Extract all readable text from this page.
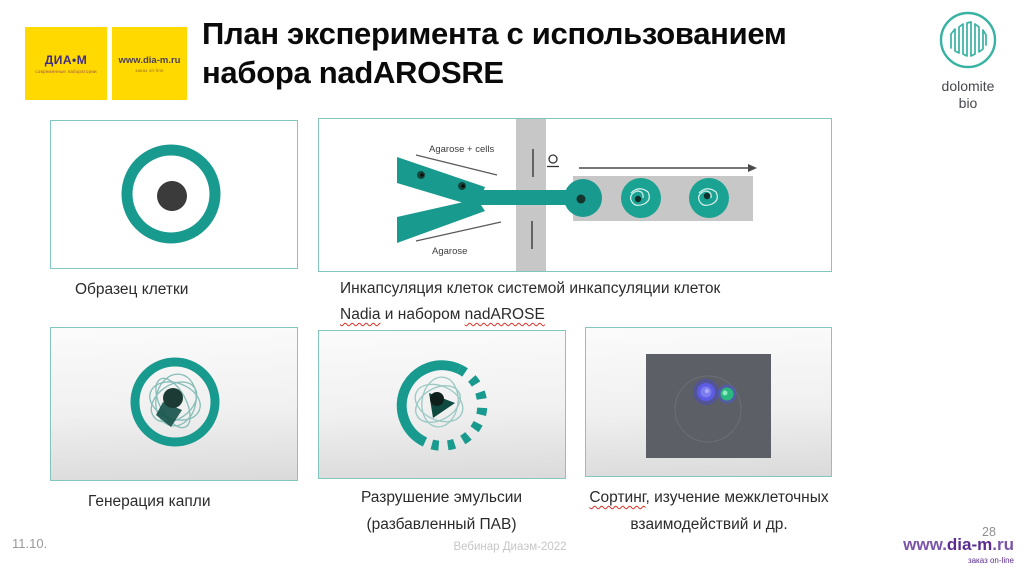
ДИА•М
современные лаборатории
www.dia-m.ru
заказ on-line
План эксперимента с использованием
набора nadAROSRE	dolomite
bio
Образец клетки
Agarose + cells
Agarose
Инкапсуляция клеток системой инкапсуляции клеток
Nadia и набором nadAROSE
Генерация капли	Разрушение эмульсии
(разбавленный ПАВ)
Сортинг, изучение межклеточных
взаимодействий и др.
11.10.	Вебинар Диаэм-2022
28
www.dia-m.ru
заказ on-line
